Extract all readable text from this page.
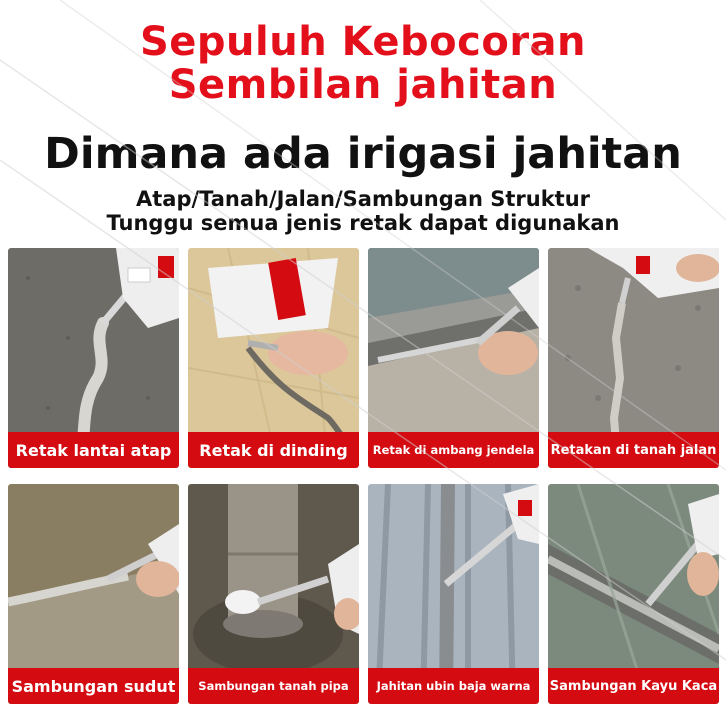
Sepuluh Kebocoran
Sembilan jahitan
Dimana ada irigasi jahitan
Atap/Tanah/Jalan/Sambungan Struktur
Tunggu semua jenis retak dapat digunakan
Retak lantai atap	Retak di dinding	Retak di ambang jendela	Retakan di tanah jalan
Sambungan sudut	Sambungan tanah pipa	Jahitan ubin baja warna	Sambungan Kayu Kaca
